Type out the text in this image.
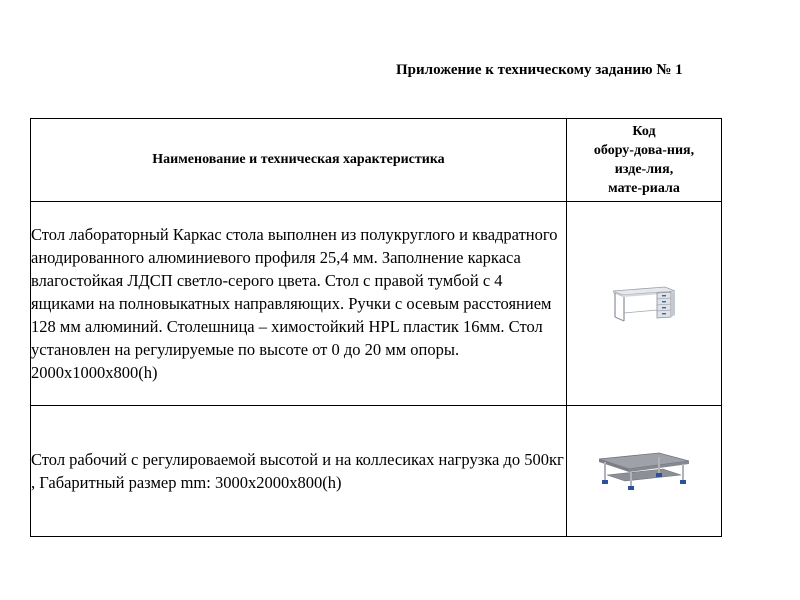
Приложение к техническому заданию № 1
Наименование и техническая характеристика	Код
обору-дова-ния,
изде-лия,
мате-риала
Стол лабораторный Каркас стола выполнен из полукруглого и квадратного анодированного алюминиевого профиля 25,4 мм. Заполнение каркаса влагостойкая ЛДСП светло-серого цвета. Стол с правой тумбой с 4 ящиками на полновыкатных направляющих. Ручки с осевым расстоянием 128 мм алюминий. Столешница – химостойкий HPL пластик 16мм. Стол установлен на регулируемые по высоте от 0 до 20 мм опоры. 2000х1000х800(h)	

Стол рабочий с регулироваемой высотой и на коллесиках нагрузка до 500кг , Габаритный размер mm: 3000х2000х800(h)	
